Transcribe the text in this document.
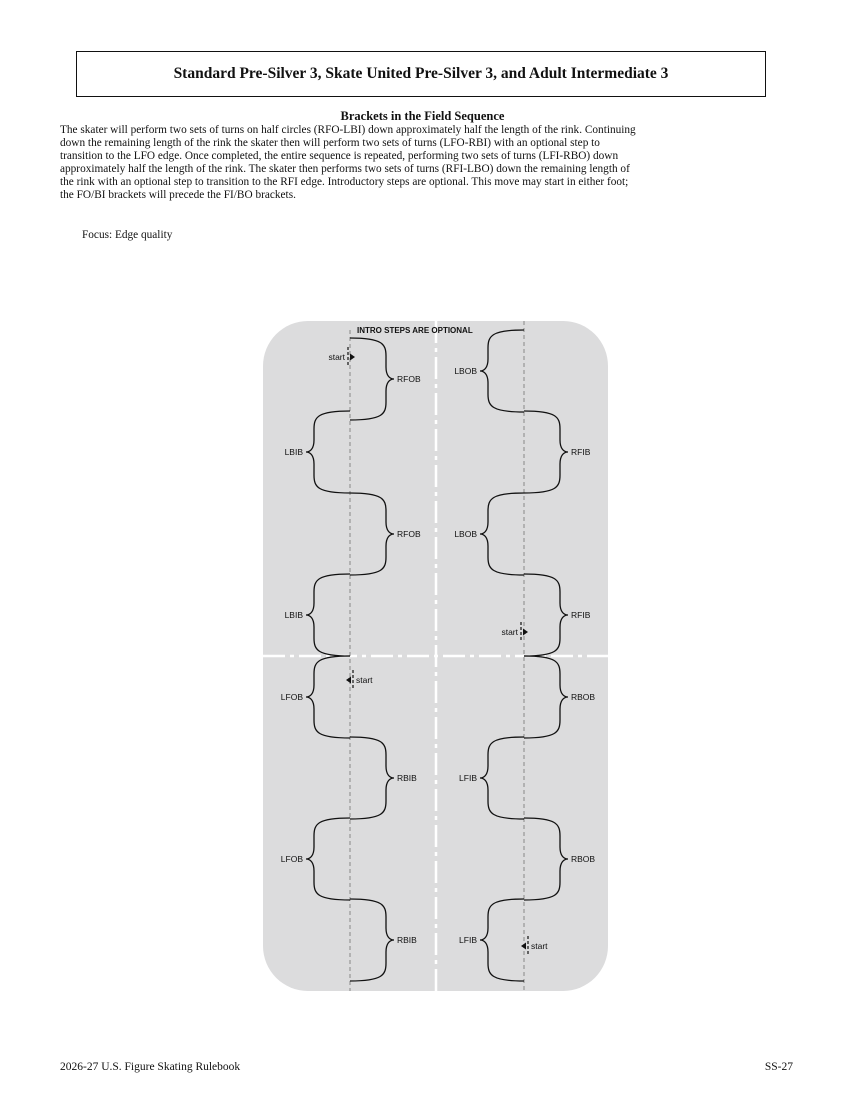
Standard Pre-Silver 3, Skate United Pre-Silver 3, and Adult Intermediate 3
Brackets in the Field Sequence

The skater will perform two sets of turns on half circles (RFO-LBI) down approximately half the length of the rink. Continuing
down the remaining length of the rink the skater then will perform two sets of turns (LFO-RBI) with an optional step to
transition to the LFO edge. Once completed, the entire sequence is repeated, performing two sets of turns (LFI-RBO) down
approximately half the length of the rink. The skater then performs two sets of turns (RFI-LBO) down the remaining length of
the rink with an optional step to transition to the RFI edge. Introductory steps are optional. This move may start in either foot;
the FO/BI brackets will precede the FI/BO brackets.

Focus: Edge quality
INTRO STEPS ARE OPTIONAL
RFOB
LBIB
RFOB
LBIB
LFOB
RBIB
LFOB
RBIB
LBOB
RFIB
LBOB
RFIB
RBOB
LFIB
RBOB
LFIB
start
start
start
start
2026-27 U.S. Figure Skating Rulebook	SS-27
